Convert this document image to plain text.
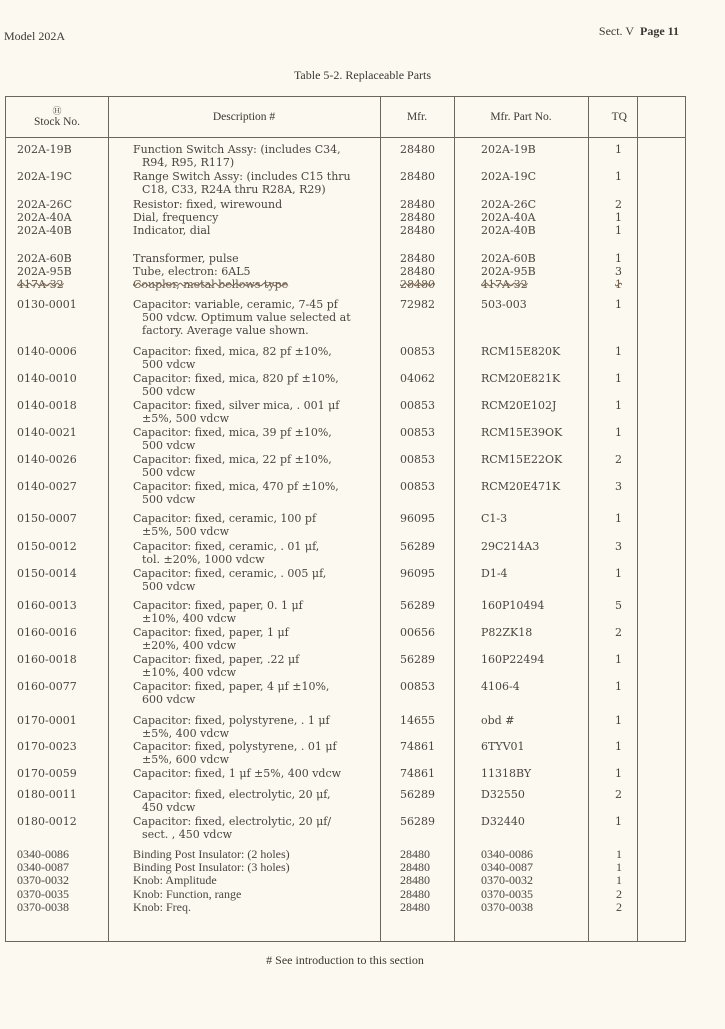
Model 202A	Sect. V Page 11
Table 5-2. Replaceable Parts
Ⓗ
Stock No.	Description #	Mfr.	Mfr. Part No.	TQ
202A-19B	Function Switch Assy: (includes C34,
R94, R95, R117)
28480	202A-19B	1
202A-19C	Range Switch Assy: (includes C15 thru
C18, C33, R24A thru R28A, R29)
28480	202A-19C	1
202A-26C	Resistor: fixed, wirewound	28480	202A-26C	2
202A-40A	Dial, frequency	28480	202A-40A	1
202A-40B	Indicator, dial	28480	202A-40B	1
202A-60B	Transformer, pulse	28480	202A-60B	1
202A-95B	Tube, electron: 6AL5	28480	202A-95B	3
417A-32	Coupler, metal bellows type	28480	417A-32	1
0130-0001	Capacitor: variable, ceramic, 7-45 pf
500 vdcw. Optimum value selected at
factory. Average value shown.
72982	503-003	1
0140-0006	Capacitor: fixed, mica, 82 pf ±10%,
500 vdcw
00853	RCM15E820K	1
0140-0010	Capacitor: fixed, mica, 820 pf ±10%,
500 vdcw
04062	RCM20E821K	1
0140-0018	Capacitor: fixed, silver mica, . 001 μf
±5%, 500 vdcw
00853	RCM20E102J	1
0140-0021	Capacitor: fixed, mica, 39 pf ±10%,
500 vdcw
00853	RCM15E39OK	1
0140-0026	Capacitor: fixed, mica, 22 pf ±10%,
500 vdcw
00853	RCM15E22OK	2
0140-0027	Capacitor: fixed, mica, 470 pf ±10%,
500 vdcw
00853	RCM20E471K	3
0150-0007	Capacitor: fixed, ceramic, 100 pf
±5%, 500 vdcw
96095	C1-3	1
0150-0012	Capacitor: fixed, ceramic, . 01 μf,
tol. ±20%, 1000 vdcw
56289	29C214A3	3
0150-0014	Capacitor: fixed, ceramic, . 005 μf,
500 vdcw
96095	D1-4	1
0160-0013	Capacitor: fixed, paper, 0. 1 μf
±10%, 400 vdcw
56289	160P10494	5
0160-0016	Capacitor: fixed, paper, 1 μf
±20%, 400 vdcw
00656	P82ZK18	2
0160-0018	Capacitor: fixed, paper, .22 μf
±10%, 400 vdcw
56289	160P22494	1
0160-0077	Capacitor: fixed, paper, 4 μf ±10%,
600 vdcw
00853	4106-4	1
0170-0001	Capacitor: fixed, polystyrene, . 1 μf
±5%, 400 vdcw
14655	obd #	1
0170-0023	Capacitor: fixed, polystyrene, . 01 μf
±5%, 600 vdcw
74861	6TYV01	1
0170-0059	Capacitor: fixed, 1 μf ±5%, 400 vdcw	74861	11318BY	1
0180-0011	Capacitor: fixed, electrolytic, 20 μf,
450 vdcw
56289	D32550	2
0180-0012	Capacitor: fixed, electrolytic, 20 μf/
sect. , 450 vdcw
56289	D32440	1
0340-0086	Binding Post Insulator: (2 holes)	28480	0340-0086	1
0340-0087	Binding Post Insulator: (3 holes)	28480	0340-0087	1
0370-0032	Knob: Amplitude	28480	0370-0032	1
0370-0035	Knob: Function, range	28480	0370-0035	2
0370-0038	Knob: Freq.	28480	0370-0038	2
# See introduction to this section
